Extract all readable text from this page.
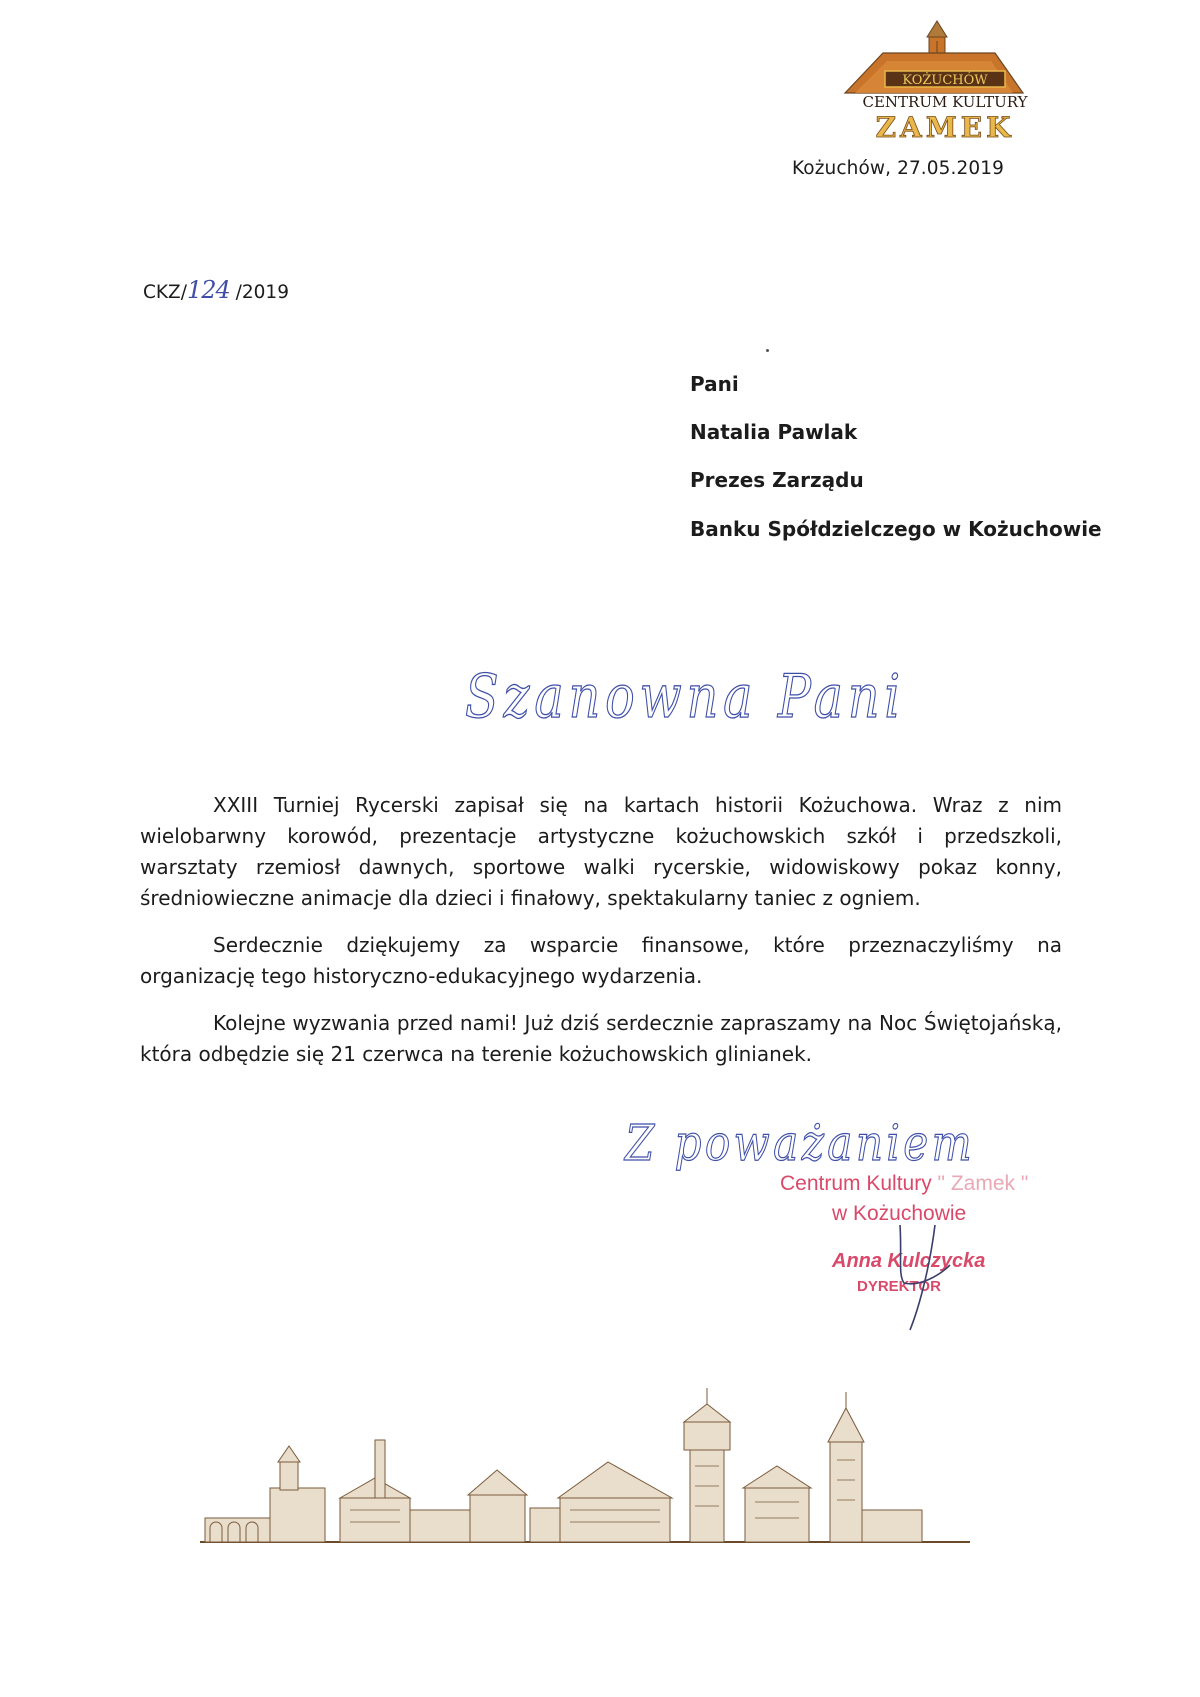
KOŻUCHÓW
CENTRUM KULTURY
ZAMEK
Kożuchów, 27.05.2019
CKZ/124 /2019
Pani
Natalia Pawlak
Prezes Zarządu
Banku Spółdzielczego w Kożuchowie
Szanowna Pani

XXIII Turniej Rycerski zapisał się na kartach historii Kożuchowa. Wraz z nim wielobarwny korowód, prezentacje artystyczne kożuchowskich szkół i przedszkoli, warsztaty rzemiosł dawnych, sportowe walki rycerskie, widowiskowy pokaz konny, średniowieczne animacje dla dzieci i finałowy, spektakularny taniec z ogniem.

Serdecznie dziękujemy za wsparcie finansowe, które przeznaczyliśmy na organizację tego historyczno-edukacyjnego wydarzenia.

Kolejne wyzwania przed nami! Już dziś serdecznie zapraszamy na Noc Świętojańską, która odbędzie się 21 czerwca na terenie kożuchowskich glinianek.

Z poważaniem
Centrum Kultury " Zamek "
w Kożuchowie
Anna Kulczycka
DYREKTOR
